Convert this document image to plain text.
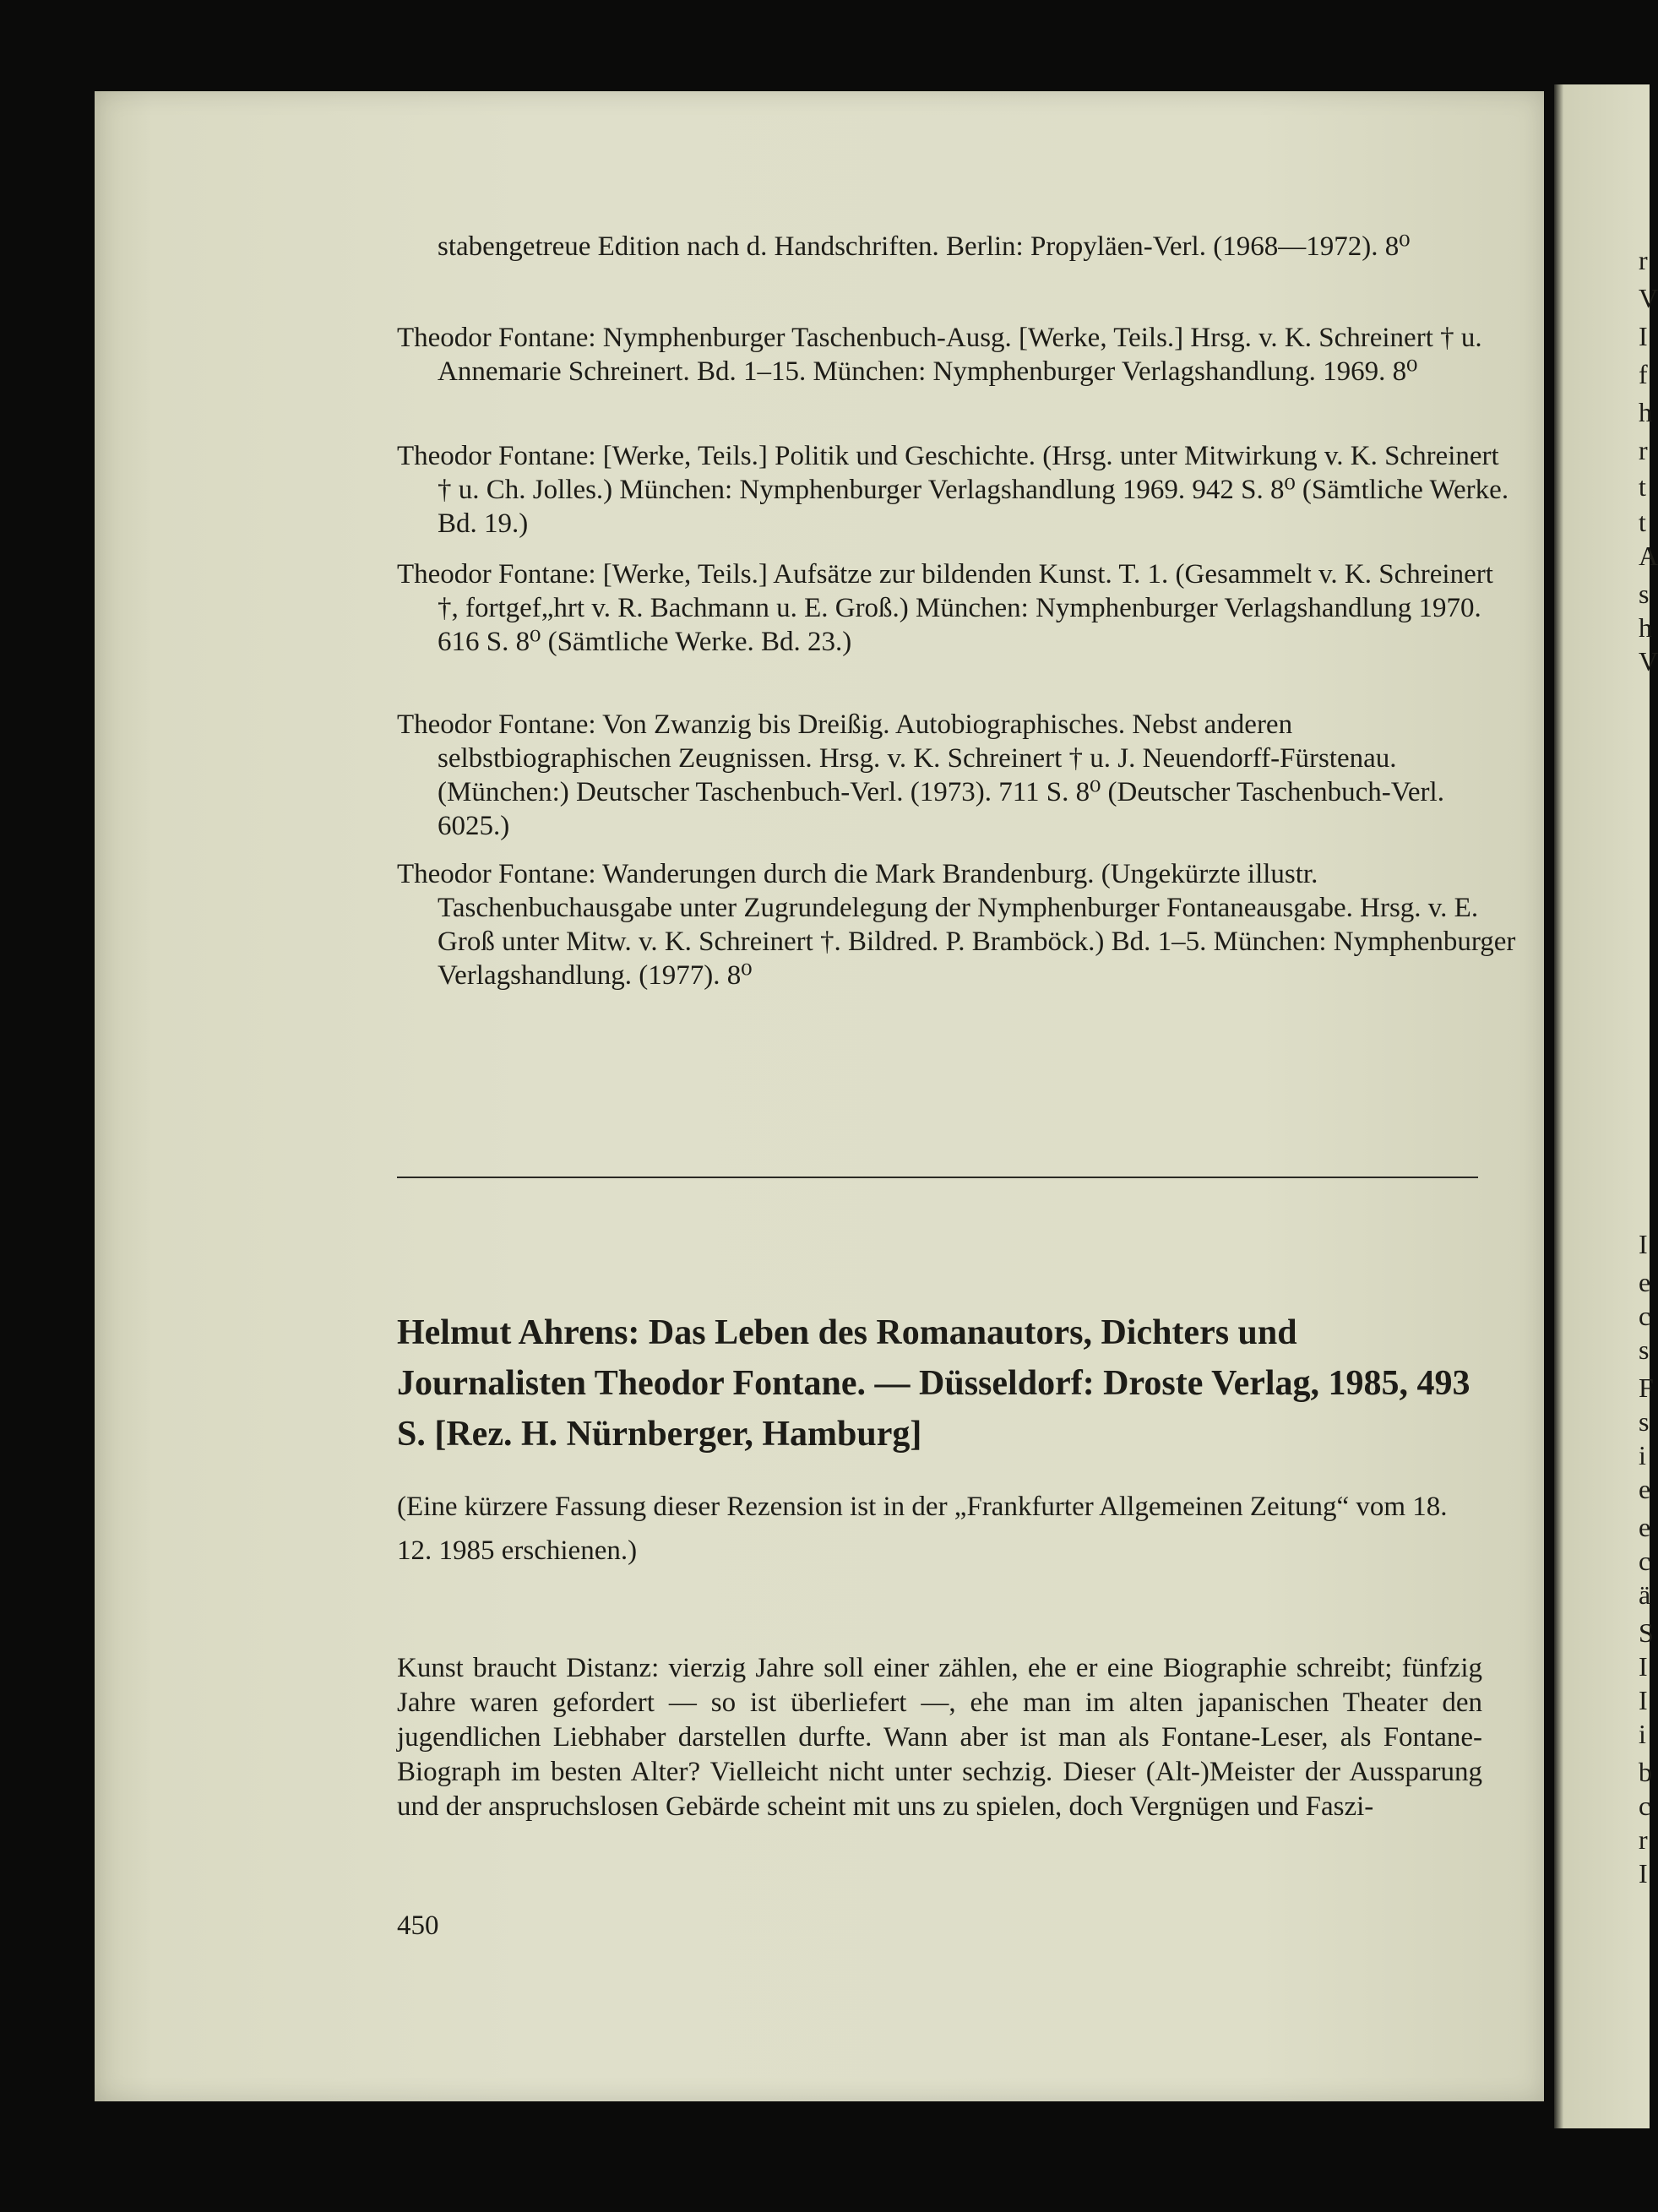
r
V
I
f
h
r
t
t
A
s
h
V
I
e
c
s
F
s
i
e
e
c
ä
S
I
I
i
b
c
r
I

stabengetreue Edition nach d. Handschriften. Berlin: Propyläen-Verl. (1968—1972). 8⁰

Theodor Fontane: Nymphenburger Taschenbuch-Ausg. [Werke, Teils.] Hrsg. v. K. Schreinert † u. Annemarie Schreinert. Bd. 1–15. München: Nymphenburger Verlagshandlung. 1969. 8⁰

Theodor Fontane: [Werke, Teils.] Politik und Geschichte. (Hrsg. unter Mitwirkung v. K. Schreinert † u. Ch. Jolles.) München: Nymphenburger Verlagshandlung 1969. 942 S. 8⁰ (Sämtliche Werke. Bd. 19.)

Theodor Fontane: [Werke, Teils.] Aufsätze zur bildenden Kunst. T. 1. (Gesammelt v. K. Schreinert †, fortgef„hrt v. R. Bachmann u. E. Groß.) München: Nymphenburger Verlagshandlung 1970. 616 S. 8⁰ (Sämtliche Werke. Bd. 23.)

Theodor Fontane: Von Zwanzig bis Dreißig. Autobiographisches. Nebst anderen selbstbiographischen Zeugnissen. Hrsg. v. K. Schreinert † u. J. Neuendorff-Fürstenau. (München:) Deutscher Taschenbuch-Verl. (1973). 711 S. 8⁰ (Deutscher Taschenbuch-Verl. 6025.)

Theodor Fontane: Wanderungen durch die Mark Brandenburg. (Ungekürzte illustr. Taschenbuchausgabe unter Zugrundelegung der Nymphenburger Fontaneausgabe. Hrsg. v. E. Groß unter Mitw. v. K. Schreinert †. Bildred. P. Bramböck.) Bd. 1–5. München: Nymphenburger Verlagshandlung. (1977). 8⁰

Helmut Ahrens: Das Leben des Romanautors, Dichters und Journalisten Theodor Fontane. — Düsseldorf: Droste Verlag, 1985, 493 S. [Rez. H. Nürnberger, Hamburg]

(Eine kürzere Fassung dieser Rezension ist in der „Frankfurter Allgemeinen Zeitung“ vom 18. 12. 1985 erschienen.)

Kunst braucht Distanz: vierzig Jahre soll einer zählen, ehe er eine Biographie schreibt; fünfzig Jahre waren gefordert — so ist überliefert —, ehe man im alten japanischen Theater den jugendlichen Liebhaber darstellen durfte. Wann aber ist man als Fontane-Leser, als Fontane-Biograph im besten Alter? Vielleicht nicht unter sechzig. Dieser (Alt-)Meister der Aussparung und der anspruchslosen Gebärde scheint mit uns zu spielen, doch Vergnügen und Faszi-

450
